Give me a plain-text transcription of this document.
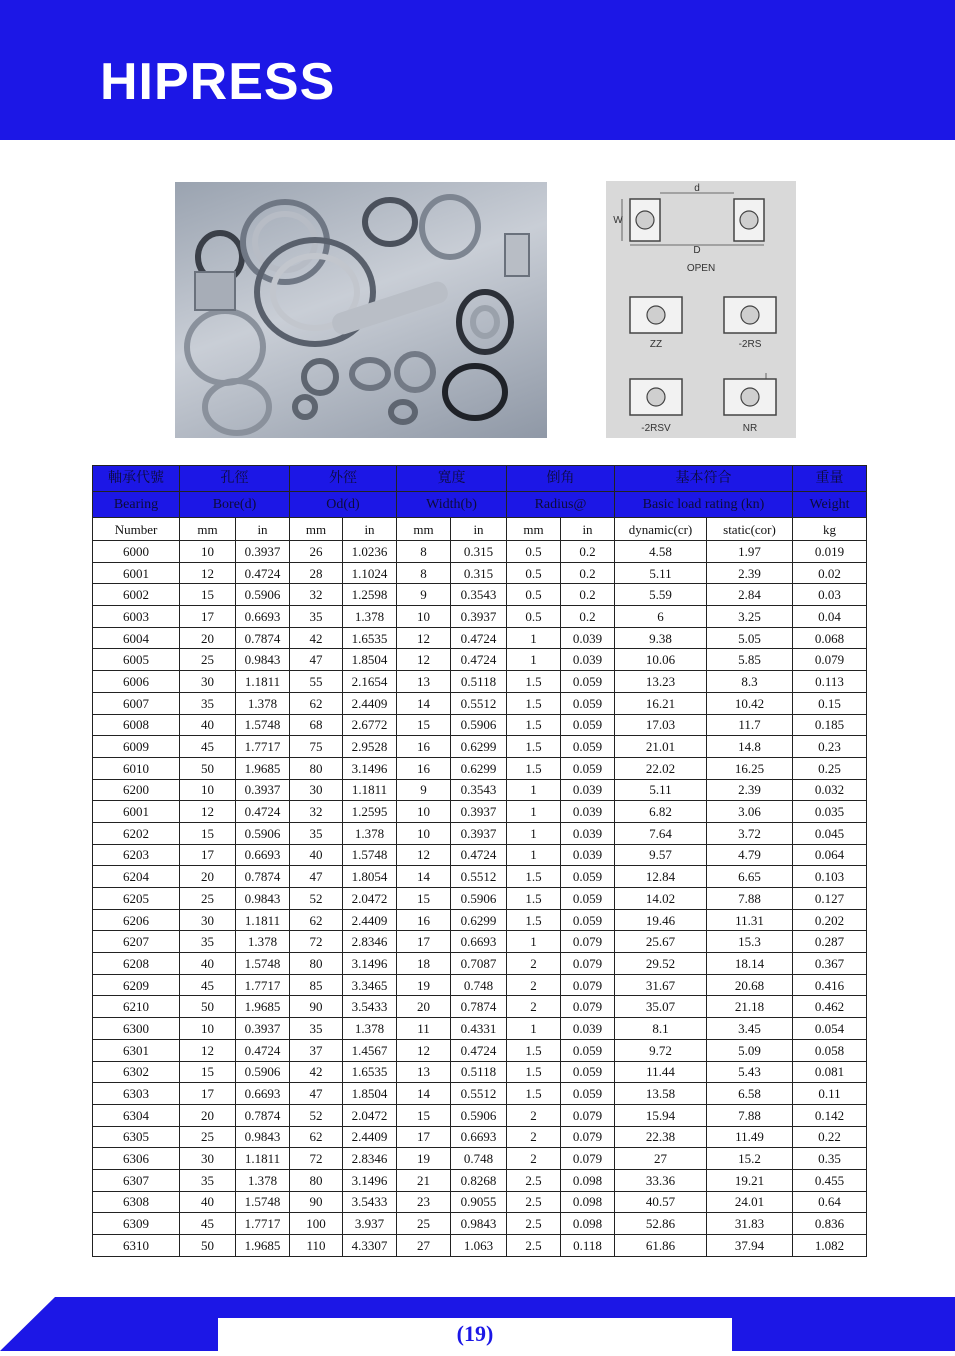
HIPRESS
d
D
W
OPEN
ZZ	-2RS
-2RSV	NR
軸承代號	孔徑		外徑		寬度		倒角		基本符合		重量
Bearing	Bore(d)		Od(d)		Width(b)		Radius@		Basic load rating (kn)		Weight
Number	mm	in	mm	in	mm	in	mm	in	dynamic(cr)	static(cor)	kg
6000	10	0.3937	26	1.0236	8	0.315	0.5	0.2	4.58	1.97	0.019
6001	12	0.4724	28	1.1024	8	0.315	0.5	0.2	5.11	2.39	0.02
6002	15	0.5906	32	1.2598	9	0.3543	0.5	0.2	5.59	2.84	0.03
6003	17	0.6693	35	1.378	10	0.3937	0.5	0.2	6	3.25	0.04
6004	20	0.7874	42	1.6535	12	0.4724	1	0.039	9.38	5.05	0.068
6005	25	0.9843	47	1.8504	12	0.4724	1	0.039	10.06	5.85	0.079
6006	30	1.1811	55	2.1654	13	0.5118	1.5	0.059	13.23	8.3	0.113
6007	35	1.378	62	2.4409	14	0.5512	1.5	0.059	16.21	10.42	0.15
6008	40	1.5748	68	2.6772	15	0.5906	1.5	0.059	17.03	11.7	0.185
6009	45	1.7717	75	2.9528	16	0.6299	1.5	0.059	21.01	14.8	0.23
6010	50	1.9685	80	3.1496	16	0.6299	1.5	0.059	22.02	16.25	0.25
6200	10	0.3937	30	1.1811	9	0.3543	1	0.039	5.11	2.39	0.032
6001	12	0.4724	32	1.2595	10	0.3937	1	0.039	6.82	3.06	0.035
6202	15	0.5906	35	1.378	10	0.3937	1	0.039	7.64	3.72	0.045
6203	17	0.6693	40	1.5748	12	0.4724	1	0.039	9.57	4.79	0.064
6204	20	0.7874	47	1.8054	14	0.5512	1.5	0.059	12.84	6.65	0.103
6205	25	0.9843	52	2.0472	15	0.5906	1.5	0.059	14.02	7.88	0.127
6206	30	1.1811	62	2.4409	16	0.6299	1.5	0.059	19.46	11.31	0.202
6207	35	1.378	72	2.8346	17	0.6693	1	0.079	25.67	15.3	0.287
6208	40	1.5748	80	3.1496	18	0.7087	2	0.079	29.52	18.14	0.367
6209	45	1.7717	85	3.3465	19	0.748	2	0.079	31.67	20.68	0.416
6210	50	1.9685	90	3.5433	20	0.7874	2	0.079	35.07	21.18	0.462
6300	10	0.3937	35	1.378	11	0.4331	1	0.039	8.1	3.45	0.054
6301	12	0.4724	37	1.4567	12	0.4724	1.5	0.059	9.72	5.09	0.058
6302	15	0.5906	42	1.6535	13	0.5118	1.5	0.059	11.44	5.43	0.081
6303	17	0.6693	47	1.8504	14	0.5512	1.5	0.059	13.58	6.58	0.11
6304	20	0.7874	52	2.0472	15	0.5906	2	0.079	15.94	7.88	0.142
6305	25	0.9843	62	2.4409	17	0.6693	2	0.079	22.38	11.49	0.22
6306	30	1.1811	72	2.8346	19	0.748	2	0.079	27	15.2	0.35
6307	35	1.378	80	3.1496	21	0.8268	2.5	0.098	33.36	19.21	0.455
6308	40	1.5748	90	3.5433	23	0.9055	2.5	0.098	40.57	24.01	0.64
6309	45	1.7717	100	3.937	25	0.9843	2.5	0.098	52.86	31.83	0.836
6310	50	1.9685	110	4.3307	27	1.063	2.5	0.118	61.86	37.94	1.082
(19)
